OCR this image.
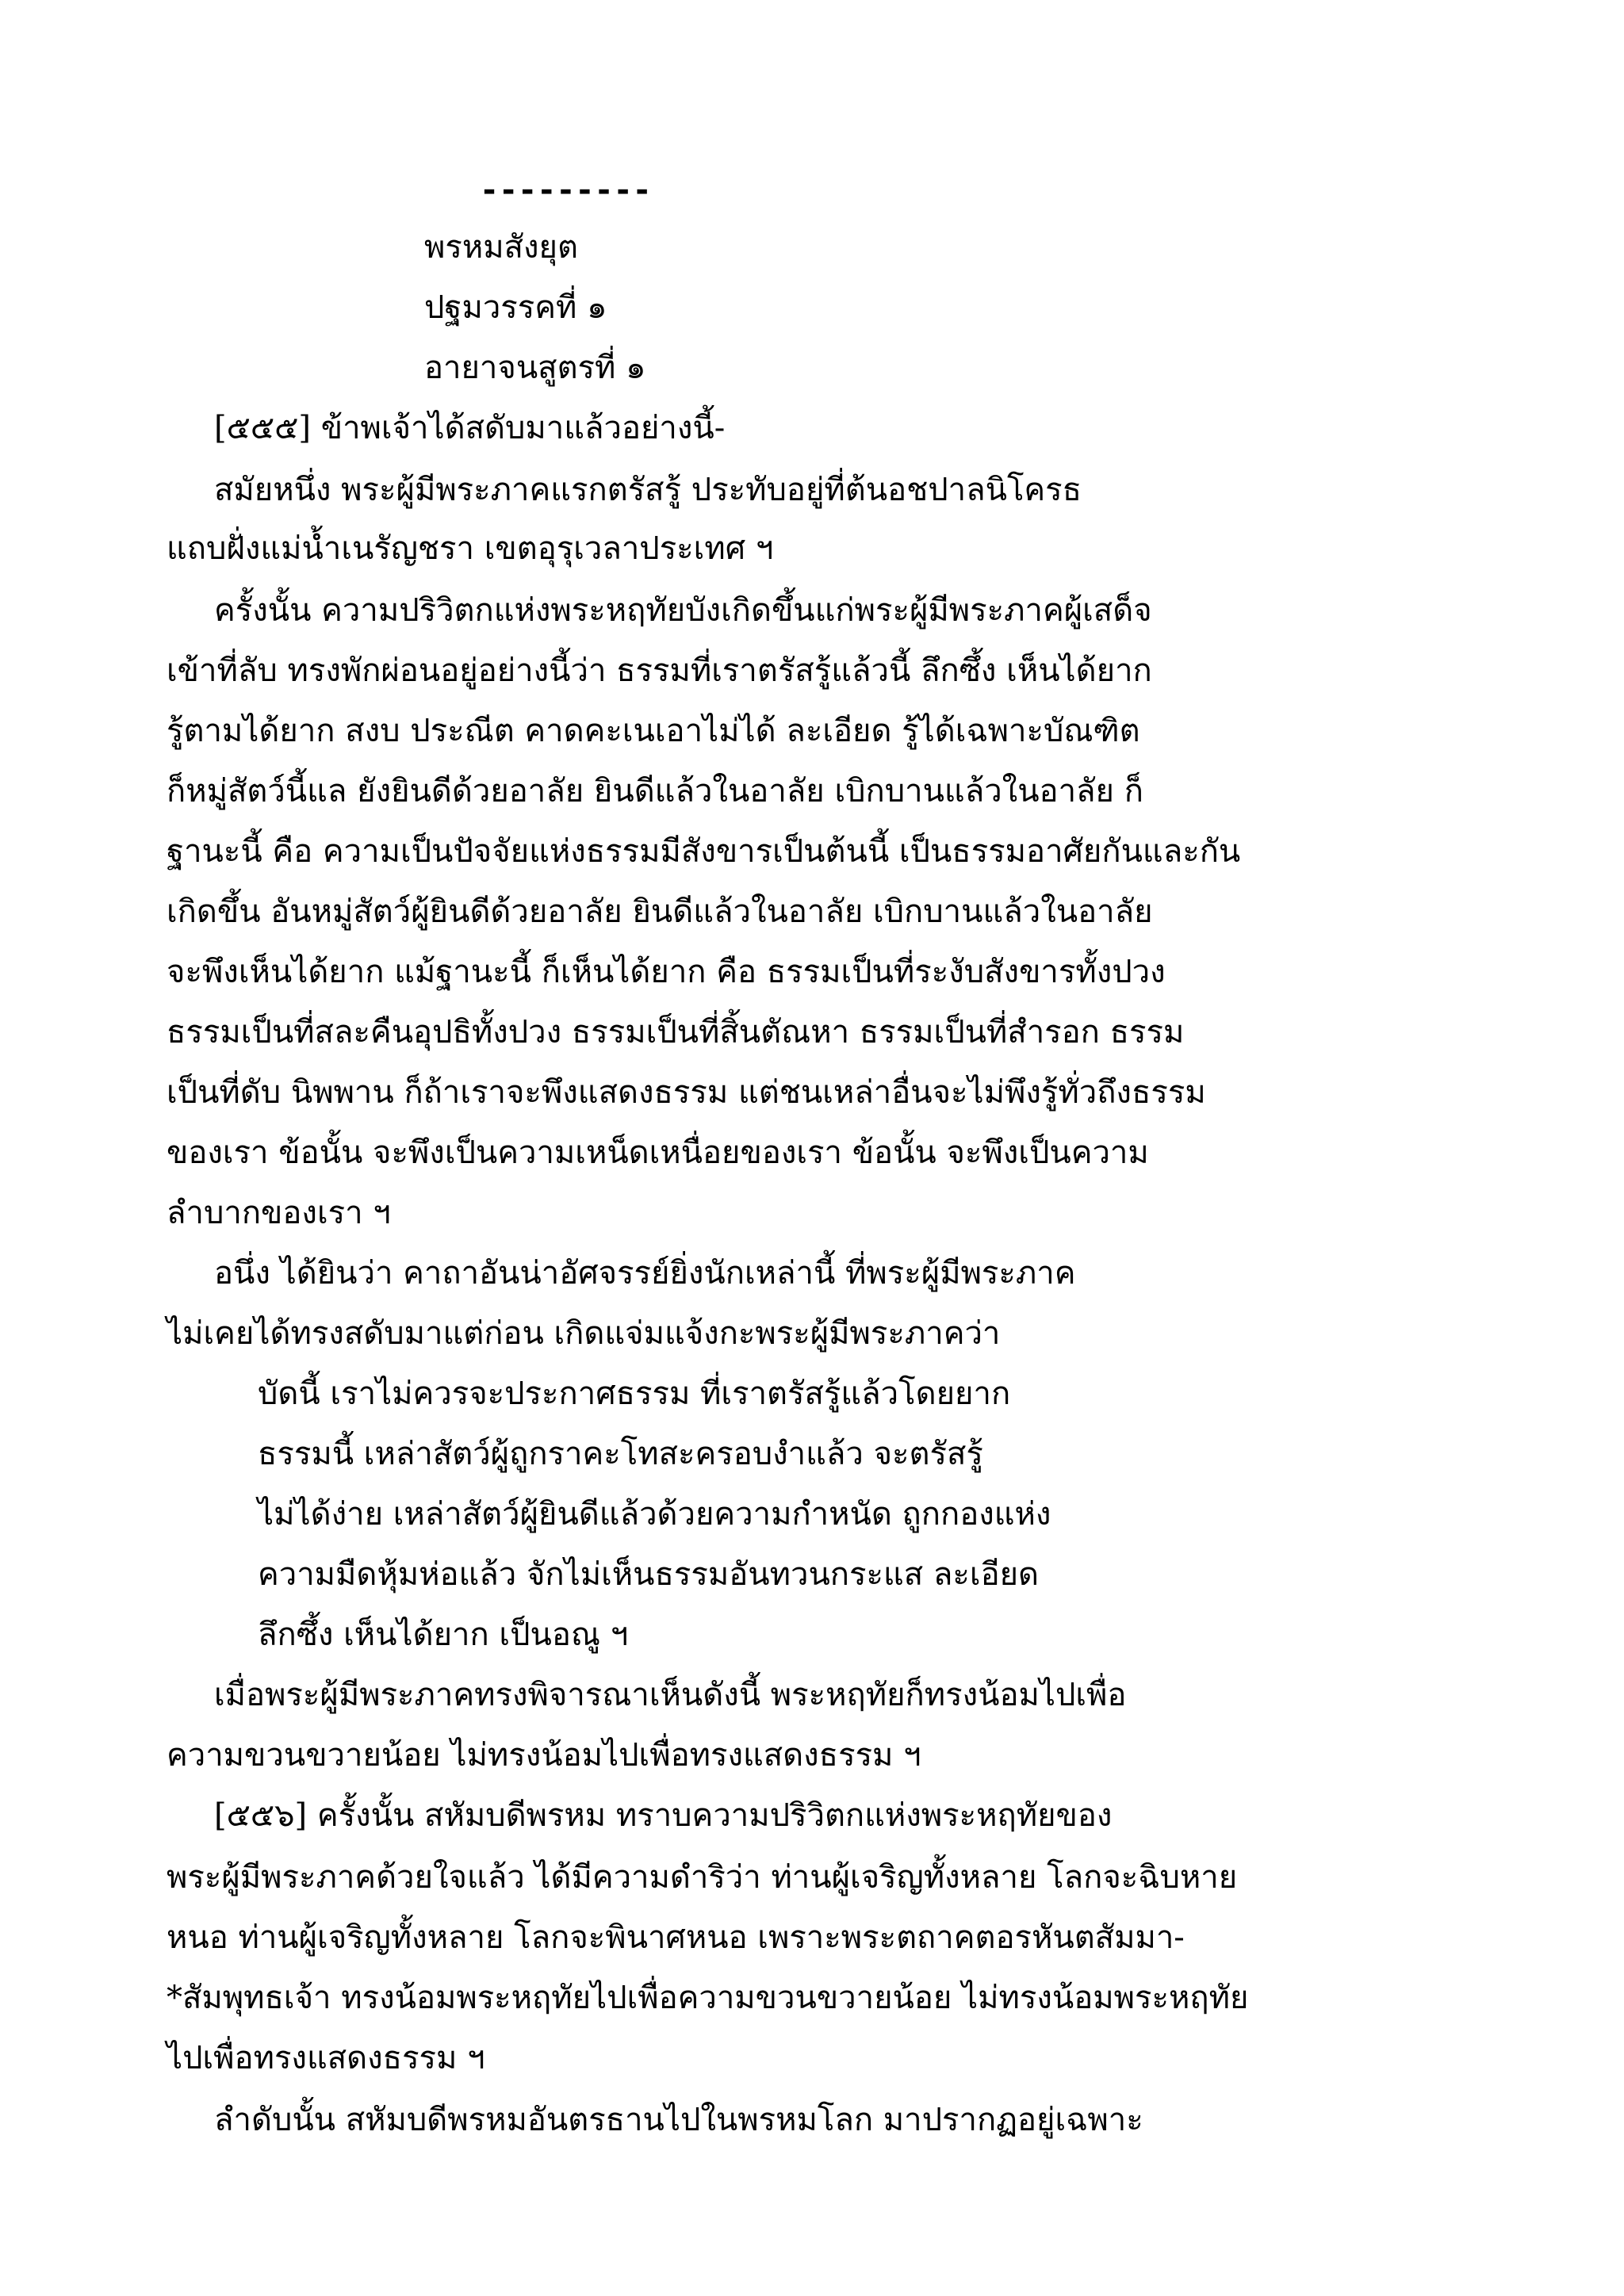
---------
พรหมสังยุต
ปฐมวรรคที่ ๑
อายาจนสูตรที่ ๑
[๕๕๕] ข้าพเจ้าได้สดับมาแล้วอย่างนี้-
สมัยหนึ่ง พระผู้มีพระภาคแรกตรัสรู้ ประทับอยู่ที่ต้นอชปาลนิโครธ
แถบฝั่งแม่น้ำเนรัญชรา เขตอุรุเวลาประเทศ ฯ
ครั้งนั้น ความปริวิตกแห่งพระหฤทัยบังเกิดขึ้นแก่พระผู้มีพระภาคผู้เสด็จ
เข้าที่ลับ ทรงพักผ่อนอยู่อย่างนี้ว่า ธรรมที่เราตรัสรู้แล้วนี้ ลึกซึ้ง เห็นได้ยาก
รู้ตามได้ยาก สงบ ประณีต คาดคะเนเอาไม่ได้ ละเอียด รู้ได้เฉพาะบัณฑิต
ก็หมู่สัตว์นี้แล ยังยินดีด้วยอาลัย ยินดีแล้วในอาลัย เบิกบานแล้วในอาลัย ก็
ฐานะนี้ คือ ความเป็นปัจจัยแห่งธรรมมีสังขารเป็นต้นนี้ เป็นธรรมอาศัยกันและกัน
เกิดขึ้น อันหมู่สัตว์ผู้ยินดีด้วยอาลัย ยินดีแล้วในอาลัย เบิกบานแล้วในอาลัย
จะพึงเห็นได้ยาก แม้ฐานะนี้ ก็เห็นได้ยาก คือ ธรรมเป็นที่ระงับสังขารทั้งปวง
ธรรมเป็นที่สละคืนอุปธิทั้งปวง ธรรมเป็นที่สิ้นตัณหา ธรรมเป็นที่สำรอก ธรรม
เป็นที่ดับ นิพพาน ก็ถ้าเราจะพึงแสดงธรรม แต่ชนเหล่าอื่นจะไม่พึงรู้ทั่วถึงธรรม
ของเรา ข้อนั้น จะพึงเป็นความเหน็ดเหนื่อยของเรา ข้อนั้น จะพึงเป็นความ
ลำบากของเรา ฯ
อนึ่ง ได้ยินว่า คาถาอันน่าอัศจรรย์ยิ่งนักเหล่านี้ ที่พระผู้มีพระภาค
ไม่เคยได้ทรงสดับมาแต่ก่อน เกิดแจ่มแจ้งกะพระผู้มีพระภาคว่า
บัดนี้ เราไม่ควรจะประกาศธรรม ที่เราตรัสรู้แล้วโดยยาก
ธรรมนี้ เหล่าสัตว์ผู้ถูกราคะโทสะครอบงำแล้ว จะตรัสรู้
ไม่ได้ง่าย เหล่าสัตว์ผู้ยินดีแล้วด้วยความกำหนัด ถูกกองแห่ง
ความมืดหุ้มห่อแล้ว จักไม่เห็นธรรมอันทวนกระแส ละเอียด
ลึกซึ้ง เห็นได้ยาก เป็นอณู ฯ
เมื่อพระผู้มีพระภาคทรงพิจารณาเห็นดังนี้ พระหฤทัยก็ทรงน้อมไปเพื่อ
ความขวนขวายน้อย ไม่ทรงน้อมไปเพื่อทรงแสดงธรรม ฯ
[๕๕๖] ครั้งนั้น สหัมบดีพรหม ทราบความปริวิตกแห่งพระหฤทัยของ
พระผู้มีพระภาคด้วยใจแล้ว ได้มีความดำริว่า ท่านผู้เจริญทั้งหลาย โลกจะฉิบหาย
หนอ ท่านผู้เจริญทั้งหลาย โลกจะพินาศหนอ เพราะพระตถาคตอรหันตสัมมา-
*สัมพุทธเจ้า ทรงน้อมพระหฤทัยไปเพื่อความขวนขวายน้อย ไม่ทรงน้อมพระหฤทัย
ไปเพื่อทรงแสดงธรรม ฯ
ลำดับนั้น สหัมบดีพรหมอันตรธานไปในพรหมโลก มาปรากฏอยู่เฉพาะ
